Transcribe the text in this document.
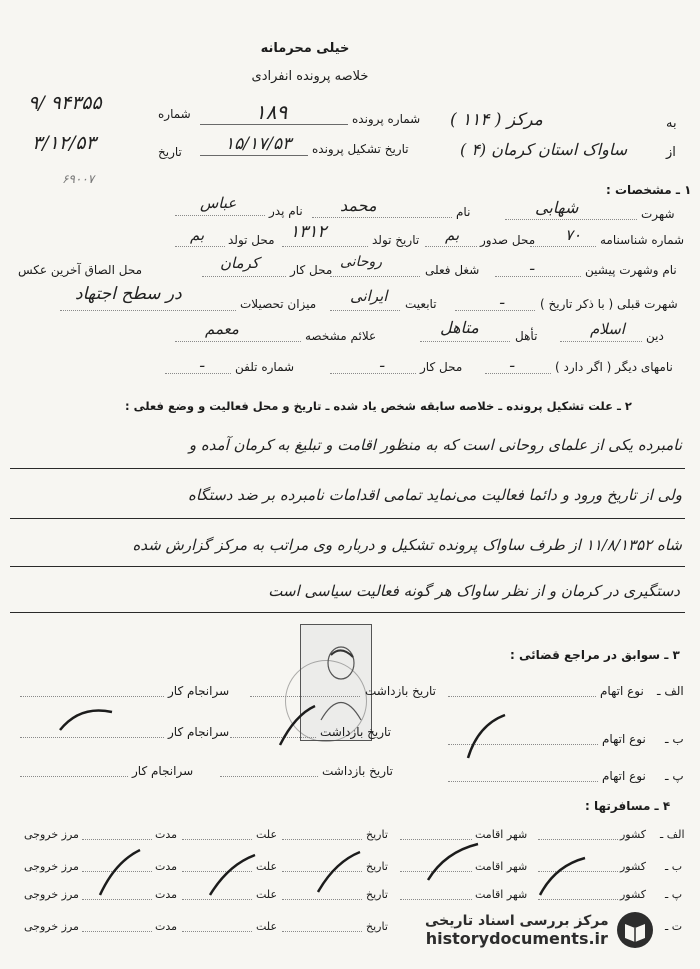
خیلی محرمانه
خلاصه پرونده انفرادی
به
مرکز ( ۱۱۴ )
از
ساواک استان کرمان (۴ )
شماره پرونده
۱۸۹
تاریخ تشکیل پرونده
۱۵/۱۷/۵۳
شماره
۹۴۳۵۵ /۹
تاریخ
۳/۱۲/۵۳
۶۹۰۰۷
۱ ـ مشخصات :
شهرت
شهابی
نام
محمد
نام پدر
عباس
شماره شناسنامه
۷۰
محل صدور
بم
تاریخ تولد
۱۳۱۲
محل تولد
بم
نام وشهرت پیشین
ـ
شغل فعلی
روحانی
محل کار
کرمان
محل الصاق آخرین عکس
شهرت قبلی ( با ذکر تاریخ )
ـ
تابعیت
ایرانی
میزان تحصیلات
در سطح اجتهاد
دین
اسلام
تأهل
متاهل
علائم مشخصه
معمم
نامهای دیگر ( اگر دارد )
ـ
محل کار
ـ
شماره تلفن
ـ
۲ ـ علت تشکیل پرونده ـ خلاصه سابقه شخص یاد شده ـ تاریخ و محل فعالیت و وضع فعلی :
نامبرده یکی از علمای روحانی است که به منظور اقامت و تبلیغ به کرمان آمده و
ولی از تاریخ ورود و دائما فعالیت می‌نماید تمامی اقدامات نامبرده بر ضد دستگاه
شاه ۱۱/۸/۱۳۵۲ از طرف ساواک پرونده تشکیل و درباره وی مراتب به مرکز گزارش شده
دستگیری در کرمان و از نظر ساواک هر گونه فعالیت سیاسی است
۳ ـ سوابق در مراجع قضائی :
الف ـ
نوع اتهام
تاریخ بازداشت
سرانجام کار
ب ـ
نوع اتهام
تاریخ بازداشت
سرانجام کار
پ ـ
نوع اتهام
تاریخ بازداشت
سرانجام کار
۴ ـ مسافرتها :
الف ـ
کشور
شهر اقامت
تاریخ
علت
مدت
مرز خروجی
ب ـ
کشور
شهر اقامت
تاریخ
علت
مدت
مرز خروجی
پ ـ
کشور
شهر اقامت
تاریخ
علت
مدت
مرز خروجی
ت ـ
تاریخ
علت
مدت
مرز خروجی	مرکز بررسی اسناد تاریخی
historydocuments.ir
